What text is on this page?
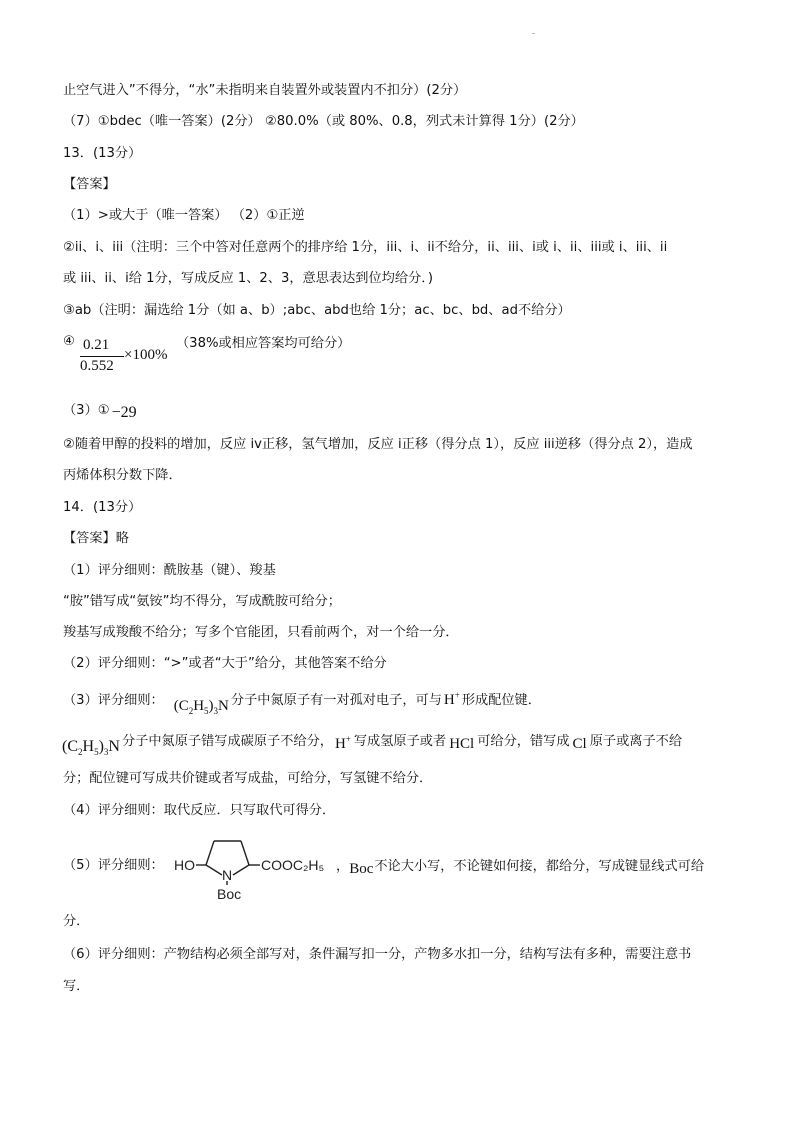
止空气进入”不得分，“水”未指明来自装置外或装置内不扣分）(2分）
（7）①bdec（唯一答案）(2分） ②80.0%（或 80%、0.8，列式未计算得 1分）(2分）
13．(13分）
【答案】
（1）>或大于（唯一答案） （2）①正逆
②ii、i、iii（注明：三个中答对任意两个的排序给 1分，iii、i、ii不给分，ii、iii、i或 i、ii、iii或 i、iii、ii
或 iii、ii、i给 1分，写成反应 1、2、3，意思表达到位均给分．)
③ab（注明：漏选给 1分（如 a、b）;abc、abd也给 1分；ac、bc、bd、ad不给分）
④ 0.21
0.552
×100%
（38%或相应答案均可给分）
（3）① −29
②随着甲醇的投料的增加，反应 iv正移，氢气增加，反应 i正移（得分点 1），反应 iii逆移（得分点 2），造成
丙烯体积分数下降．
14．(13分）
【答案】略
（1）评分细则：酰胺基（键）、羧基
“胺”错写成“氨铵”均不得分，写成酰胺可给分；
羧基写成羧酸不给分；写多个官能团，只看前两个，对一个给一分．
（2）评分细则：“>”或者“大于”给分，其他答案不给分
（3）评分细则： $(C_2H_5)_3N$ 分子中氮原子有一对孤对电子，可与 H+ 形成配位键．
$(C_2H_5)_3N$ 分子中氮原子错写成碳原子不给分， H+ 写成氢原子或者 HCl 可给分，错写成 Cl 原子或离子不给
分；配位键可写成共价键或者写成盐，可给分，写氢键不给分．
（4）评分细则：取代反应．只写取代可得分．
（5）评分细则： HO
N
COOC₂H₅
Boc
，Boc不论大小写，不论键如何接，都给分，写成键显线式可给
分．
（6）评分细则：产物结构必须全部写对，条件漏写扣一分，产物多水扣一分，结构写法有多种，需要注意书
写．
